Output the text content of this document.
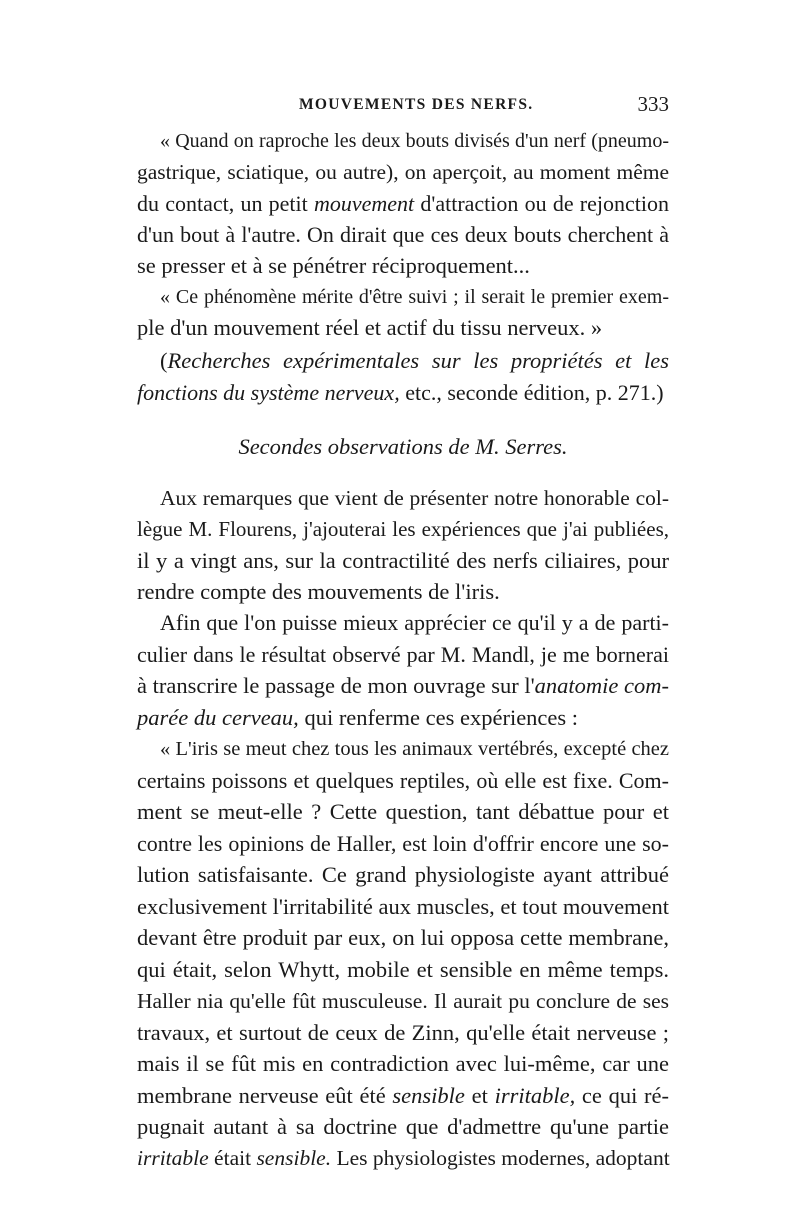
MOUVEMENTS DES NERFS.	333
« Quand on raproche les deux bouts divisés d'un nerf (pneumo-
gastrique, sciatique, ou autre), on aperçoit, au moment même
du contact, un petit mouvement d'attraction ou de rejonction
d'un bout à l'autre. On dirait que ces deux bouts cherchent à
se presser et à se pénétrer réciproquement...
« Ce phénomène mérite d'être suivi ; il serait le premier exem-
ple d'un mouvement réel et actif du tissu nerveux. »
(Recherches expérimentales sur les propriétés et les
fonctions du système nerveux, etc., seconde édition, p. 271.)
Secondes observations de M. Serres.
Aux remarques que vient de présenter notre honorable col-
lègue M. Flourens, j'ajouterai les expériences que j'ai publiées,
il y a vingt ans, sur la contractilité des nerfs ciliaires, pour
rendre compte des mouvements de l'iris.
Afin que l'on puisse mieux apprécier ce qu'il y a de parti-
culier dans le résultat observé par M. Mandl, je me bornerai
à transcrire le passage de mon ouvrage sur l'anatomie com-
parée du cerveau, qui renferme ces expériences :
« L'iris se meut chez tous les animaux vertébrés, excepté chez
certains poissons et quelques reptiles, où elle est fixe. Com-
ment se meut-elle ? Cette question, tant débattue pour et
contre les opinions de Haller, est loin d'offrir encore une so-
lution satisfaisante. Ce grand physiologiste ayant attribué
exclusivement l'irritabilité aux muscles, et tout mouvement
devant être produit par eux, on lui opposa cette membrane,
qui était, selon Whytt, mobile et sensible en même temps.
Haller nia qu'elle fût musculeuse. Il aurait pu conclure de ses
travaux, et surtout de ceux de Zinn, qu'elle était nerveuse ;
mais il se fût mis en contradiction avec lui-même, car une
membrane nerveuse eût été sensible et irritable, ce qui ré-
pugnait autant à sa doctrine que d'admettre qu'une partie
irritable était sensible. Les physiologistes modernes, adoptant
